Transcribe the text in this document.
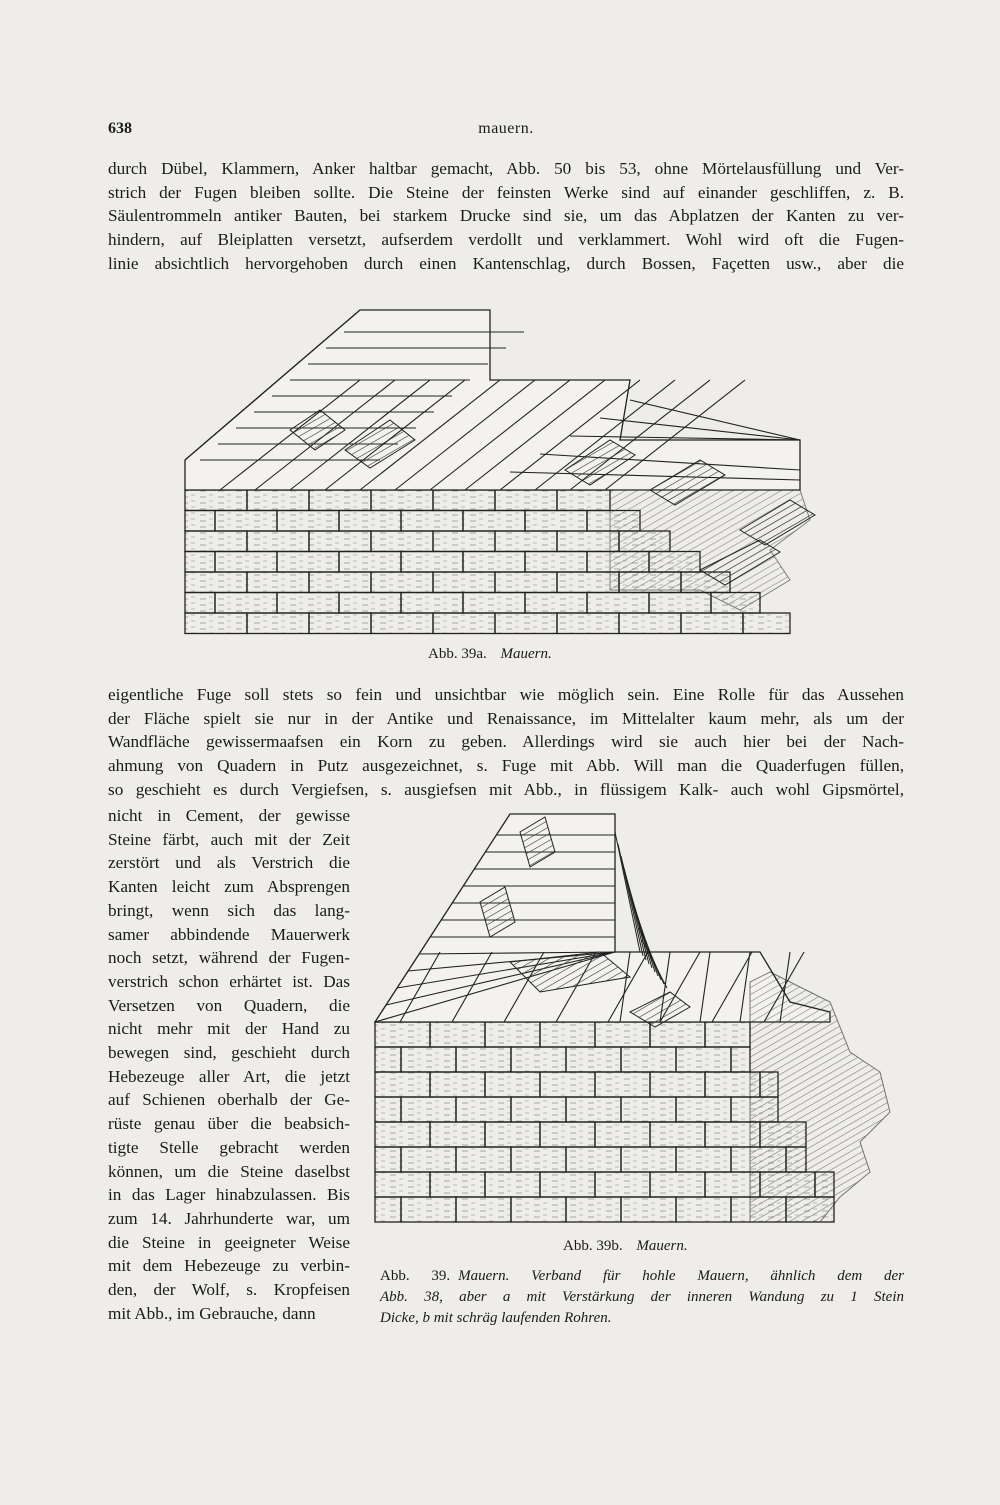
638	mauern.
durch Dübel, Klammern, Anker haltbar gemacht, Abb. 50 bis 53, ohne Mörtelausfüllung und Ver-
strich der Fugen bleiben sollte. Die Steine der feinsten Werke sind auf einander geschliffen, z. B.
Säulentrommeln antiker Bauten, bei starkem Drucke sind sie, um das Abplatzen der Kanten zu ver-
hindern, auf Bleiplatten versetzt, aufserdem verdollt und verklammert. Wohl wird oft die Fugen-
linie absichtlich hervorgehoben durch einen Kantenschlag, durch Bossen, Façetten usw., aber die
Abb. 39a. Mauern.
eigentliche Fuge soll stets so fein und unsichtbar wie möglich sein. Eine Rolle für das Aussehen
der Fläche spielt sie nur in der Antike und Renaissance, im Mittelalter kaum mehr, als um der
Wandfläche gewissermaafsen ein Korn zu geben. Allerdings wird sie auch hier bei der Nach-
ahmung von Quadern in Putz ausgezeichnet, s. Fuge mit Abb. Will man die Quaderfugen füllen,
so geschieht es durch Vergiefsen, s. ausgiefsen mit Abb., in flüssigem Kalk- auch wohl Gipsmörtel,
nicht in Cement, der gewisse
Steine färbt, auch mit der Zeit
zerstört und als Verstrich die
Kanten leicht zum Absprengen
bringt, wenn sich das lang-
samer abbindende Mauerwerk
noch setzt, während der Fugen-
verstrich schon erhärtet ist. Das
Versetzen von Quadern, die
nicht mehr mit der Hand zu
bewegen sind, geschieht durch
Hebezeuge aller Art, die jetzt
auf Schienen oberhalb der Ge-
rüste genau über die beabsich-
tigte Stelle gebracht werden
können, um die Steine daselbst
in das Lager hinabzulassen. Bis
zum 14. Jahrhunderte war, um
die Steine in geeigneter Weise
mit dem Hebezeuge zu verbin-
den, der Wolf, s. Kropfeisen
mit Abb., im Gebrauche, dann
Abb. 39b. Mauern.
Abb. 39. Mauern. Verband für hohle Mauern, ähnlich dem der
Abb. 38, aber a mit Verstärkung der inneren Wandung zu 1 Stein
Dicke, b mit schräg laufenden Rohren.
